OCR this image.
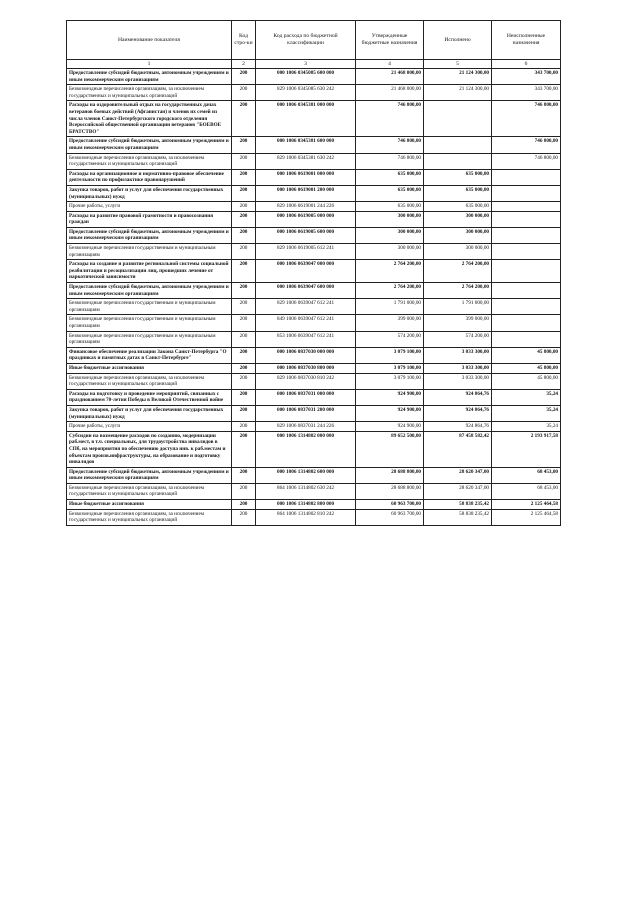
Наименование показателя	Код стро-ки	Код расхода по бюджетной классификации	Утвержденные бюджетные назначения	Исполнено	Неисполненные назначения
1	2	3	4	5	6
Предоставление субсидий бюджетным, автономным учреждениям и иным некоммерческим организациям	200	000 1006 0345085 600 000	21 468 000,00	21 124 300,00	343 700,00
Безвозмездные перечисления организациям, за исключением государственных и муниципальных организаций	200	829 1006 0345085 630 242	21 468 000,00	21 124 300,00	343 700,00
Расходы на оздоровительный отдых на государственных дачах ветеранов боевых действий (Афганистан) и членов их семей из числа членов Санкт-Петербургского городского отделения Всероссийской общественной организации ветеранов "БОЕВОЕ БРАТСТВО"	200	000 1006 0345381 000 000	746 800,00		746 800,00
Предоставление субсидий бюджетным, автономным учреждениям и иным некоммерческим организациям	200	000 1006 0345381 600 000	746 800,00		746 800,00
Безвозмездные перечисления организациям, за исключением государственных и муниципальных организаций	200	829 1006 0345381 630 242	746 800,00		746 800,00
Расходы на организационное и нормативно-правовое обеспечение деятельности по профилактике правонарушений	200	000 1006 0619001 000 000	635 000,00	635 000,00	
Закупка товаров, работ и услуг для обеспечения государственных (муниципальных) нужд	200	000 1006 0619001 200 000	635 000,00	635 000,00	
Прочие работы, услуги	200	829 1006 0619001 244 226	635 000,00	635 000,00	
Расходы на развитие правовой грамотности и правосознания граждан	200	000 1006 0619005 000 000	300 000,00	300 000,00	
Предоставление субсидий бюджетным, автономным учреждениям и иным некоммерческим организациям	200	000 1006 0619005 600 000	300 000,00	300 000,00	
Безвозмездные перечисления государственным и муниципальным организациям	200	829 1006 0619005 612 241	300 000,00	300 000,00	
Расходы на создание и развитие региональной системы социальной реабилитации и ресоциализации лиц, прошедших лечение от наркотической зависимости	200	000 1006 0639047 000 000	2 764 200,00	2 764 200,00	
Предоставление субсидий бюджетным, автономным учреждениям и иным некоммерческим организациям	200	000 1006 0639047 600 000	2 764 200,00	2 764 200,00	
Безвозмездные перечисления государственным и муниципальным организациям	200	829 1006 0639047 612 241	1 791 000,00	1 791 000,00	
Безвозмездные перечисления государственным и муниципальным организациям	200	849 1006 0639047 612 241	399 000,00	399 000,00	
Безвозмездные перечисления государственным и муниципальным организациям	200	853 1006 0639047 612 241	574 200,00	574 200,00	
Финансовое обеспечение реализации Закона Санкт-Петербурга "О праздниках и памятных датах в Санкт-Петербурге"	200	000 1006 0837030 000 000	3 079 100,00	3 033 300,00	45 800,00
Иные бюджетные ассигнования	200	000 1006 0837030 800 000	3 079 100,00	3 033 300,00	45 800,00
Безвозмездные перечисления организациям, за исключением государственных и муниципальных организаций	200	829 1006 0837030 810 242	3 079 100,00	3 033 300,00	45 800,00
Расходы на подготовку и проведение мероприятий, связанных с празднованием 70-летия Победы в Великой Отечественной войне	200	000 1006 0837031 000 000	924 900,00	924 864,76	35,24
Закупка товаров, работ и услуг для обеспечения государственных (муниципальных) нужд	200	000 1006 0837031 200 000	924 900,00	924 864,76	35,24
Прочие работы, услуги	200	829 1006 0837031 244 226	924 900,00	924 864,76	35,24
Субсидии на возмещение расходов по созданию, модернизации раб.мест, в т.ч. специальных, для трудоустройства инвалидов в СПб, на мероприятия по обеспечению доступа инв. к раб.местам и объектам произв.инфраструктуры, на образование и подготовку инвалидов	200	000 1006 1314802 000 000	89 652 500,00	87 458 582,42	2 193 917,58
Предоставление субсидий бюджетным, автономным учреждениям и иным некоммерческим организациям	200	000 1006 1314802 600 000	28 688 800,00	28 620 347,00	68 453,00
Безвозмездные перечисления организациям, за исключением государственных и муниципальных организаций	200	864 1006 1314802 630 242	28 688 800,00	28 620 347,00	68 453,00
Иные бюджетные ассигнования	200	000 1006 1314802 800 000	60 963 700,00	58 838 235,42	2 125 464,58
Безвозмездные перечисления организациям, за исключением государственных и муниципальных организаций	200	864 1006 1314802 810 242	60 963 700,00	58 838 235,42	2 125 464,58
